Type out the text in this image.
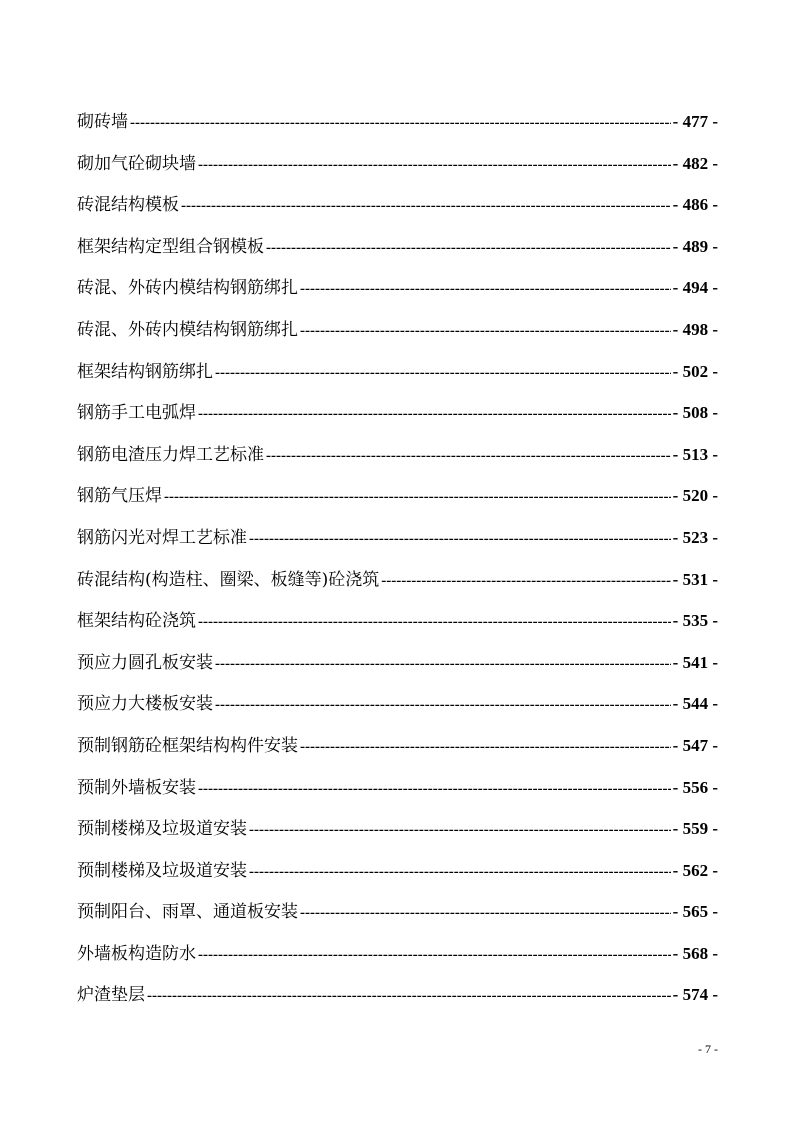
砌砖墙 -----	- 477 -
砌加气砼砌块墙 -----	- 482 -
砖混结构模板 -----	- 486 -
框架结构定型组合钢模板 -----	- 489 -
砖混、外砖内模结构钢筋绑扎 -----	- 494 -
砖混、外砖内模结构钢筋绑扎 -----	- 498 -
框架结构钢筋绑扎 -----	- 502 -
钢筋手工电弧焊 -----	- 508 -
钢筋电渣压力焊工艺标准 -----	- 513 -
钢筋气压焊 -----	- 520 -
钢筋闪光对焊工艺标准 -----	- 523 -
砖混结构(构造柱、圈梁、板缝等)砼浇筑 -----	- 531 -
框架结构砼浇筑 -----	- 535 -
预应力圆孔板安装 -----	- 541 -
预应力大楼板安装 -----	- 544 -
预制钢筋砼框架结构构件安装 -----	- 547 -
预制外墙板安装 -----	- 556 -
预制楼梯及垃圾道安装 -----	- 559 -
预制楼梯及垃圾道安装 -----	- 562 -
预制阳台、雨罩、通道板安装 -----	- 565 -
外墙板构造防水 -----	- 568 -
炉渣垫层 -----	- 574 -
- 7 -
